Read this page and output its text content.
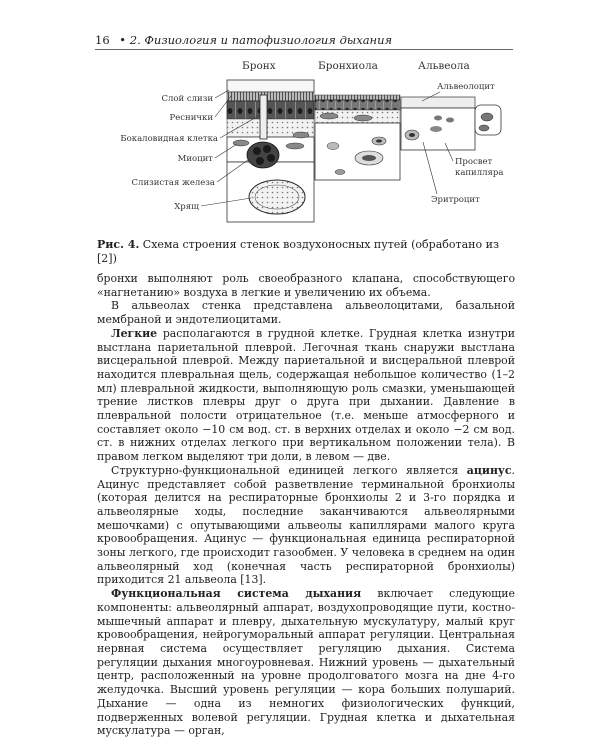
16 • 2. Физиология и патофизиология дыхания
Бронх	Бронхиола	Альвеола
Слой слизи
Реснички
Бокаловидная клетка
Миоцит
Слизистая железа
Хрящ
Альвеолоцит
Просвет
капилляра
Эритроцит
Рис. 4. Схема строения стенок воздухоносных путей (обработано из [2])

бронхи выполняют роль своеобразного клапана, способствующего «нагнетанию» воздуха в легкие и увеличению их объема.

В альвеолах стенка представлена альвеолоцитами, базальной мембраной и эндотелиоцитами.

Легкие располагаются в грудной клетке. Грудная клетка изнутри выстлана париетальной плеврой. Легочная ткань снаружи выстлана висцеральной плеврой. Между париетальной и висцеральной плеврой находится плевральная щель, содержащая небольшое количество (1–2 мл) плевральной жидкости, выполняющую роль смазки, уменьшающей трение листков плевры друг о друга при дыхании. Давление в плевральной полости отрицательное (т.е. меньше атмосферного и составляет около −10 см вод. ст. в верхних отделах и около −2 см вод. ст. в нижних отделах легкого при вертикальном положении тела). В правом легком выделяют три доли, в левом — две.

Структурно-функциональной единицей легкого является ацинус. Ацинус представляет собой разветвление терминальной бронхиолы (которая делится на респираторные бронхиолы 2 и 3-го порядка и альвеолярные ходы, последние заканчиваются альвеолярными мешочками) с опутывающими альвеолы капиллярами малого круга кровообращения. Ацинус — функциональная единица респираторной зоны легкого, где происходит газообмен. У человека в среднем на один альвеолярный ход (конечная часть респираторной бронхиолы) приходится 21 альвеола [13].

Функциональная система дыхания включает следующие компоненты: альвеолярный аппарат, воздухопроводящие пути, костно-мышечный аппарат и плевру, дыхательную мускулатуру, малый круг кровообращения, нейрогуморальный аппарат регуляции. Центральная нервная система осуществляет регуляцию дыхания. Система регуляции дыхания многоуровневая. Нижний уровень — дыхательный центр, расположенный на уровне продолговатого мозга на дне 4-го желудочка. Высший уровень регуляции — кора больших полушарий. Дыхание — одна из немногих физиологических функций, подверженных волевой регуляции. Грудная клетка и дыхательная мускулатура — орган,
